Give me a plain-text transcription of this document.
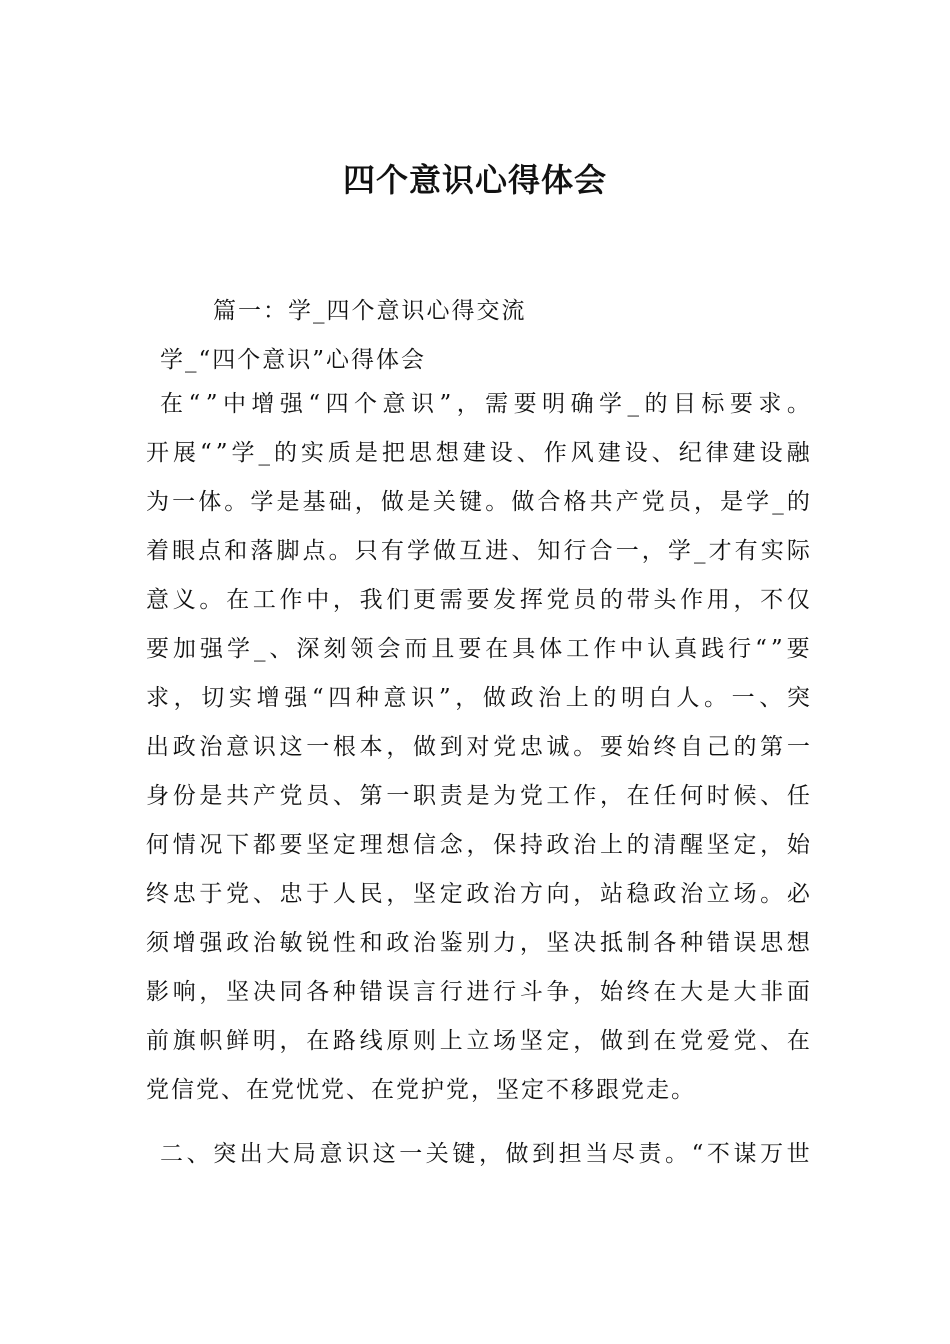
四个意识心得体会
篇一：学_四个意识心得交流
学_“四个意识”心得体会
在 “ ” 中 增 强 “ 四 个 意 识 ” ， 需 要 明 确 学 _ 的 目 标 要 求 。
开 展 “ ” 学 _ 的 实 质 是 把 思 想 建 设 、 作 风 建 设 、 纪 律 建 设 融
为 一 体 。 学 是 基 础 ， 做 是 关 键 。 做 合 格 共 产 党 员 ， 是 学 _ 的
着 眼 点 和 落 脚 点 。 只 有 学 做 互 进 、 知 行 合 一 ， 学 _ 才 有 实 际
意 义 。 在 工 作 中 ， 我 们 更 需 要 发 挥 党 员 的 带 头 作 用 ， 不 仅
要 加 强 学 _ 、 深 刻 领 会 而 且 要 在 具 体 工 作 中 认 真 践 行 “ ” 要
求 ， 切 实 增 强 “ 四 种 意 识 ” ， 做 政 治 上 的 明 白 人 。 一 、 突
出 政 治 意 识 这 一 根 本 ， 做 到 对 党 忠 诚 。 要 始 终 自 己 的 第 一
身 份 是 共 产 党 员 、 第 一 职 责 是 为 党 工 作 ， 在 任 何 时 候 、 任
何 情 况 下 都 要 坚 定 理 想 信 念 ， 保 持 政 治 上 的 清 醒 坚 定 ， 始
终 忠 于 党 、 忠 于 人 民 ， 坚 定 政 治 方 向 ， 站 稳 政 治 立 场 。 必
须 增 强 政 治 敏 锐 性 和 政 治 鉴 别 力 ， 坚 决 抵 制 各 种 错 误 思 想
影 响 ， 坚 决 同 各 种 错 误 言 行 进 行 斗 争 ， 始 终 在 大 是 大 非 面
前 旗 帜 鲜 明 ， 在 路 线 原 则 上 立 场 坚 定 ， 做 到 在 党 爱 党 、 在
党信党、在党忧党、在党护党，坚定不移跟党走。
二 、 突 出 大 局 意 识 这 一 关 键 ， 做 到 担 当 尽 责 。 “ 不 谋 万 世
